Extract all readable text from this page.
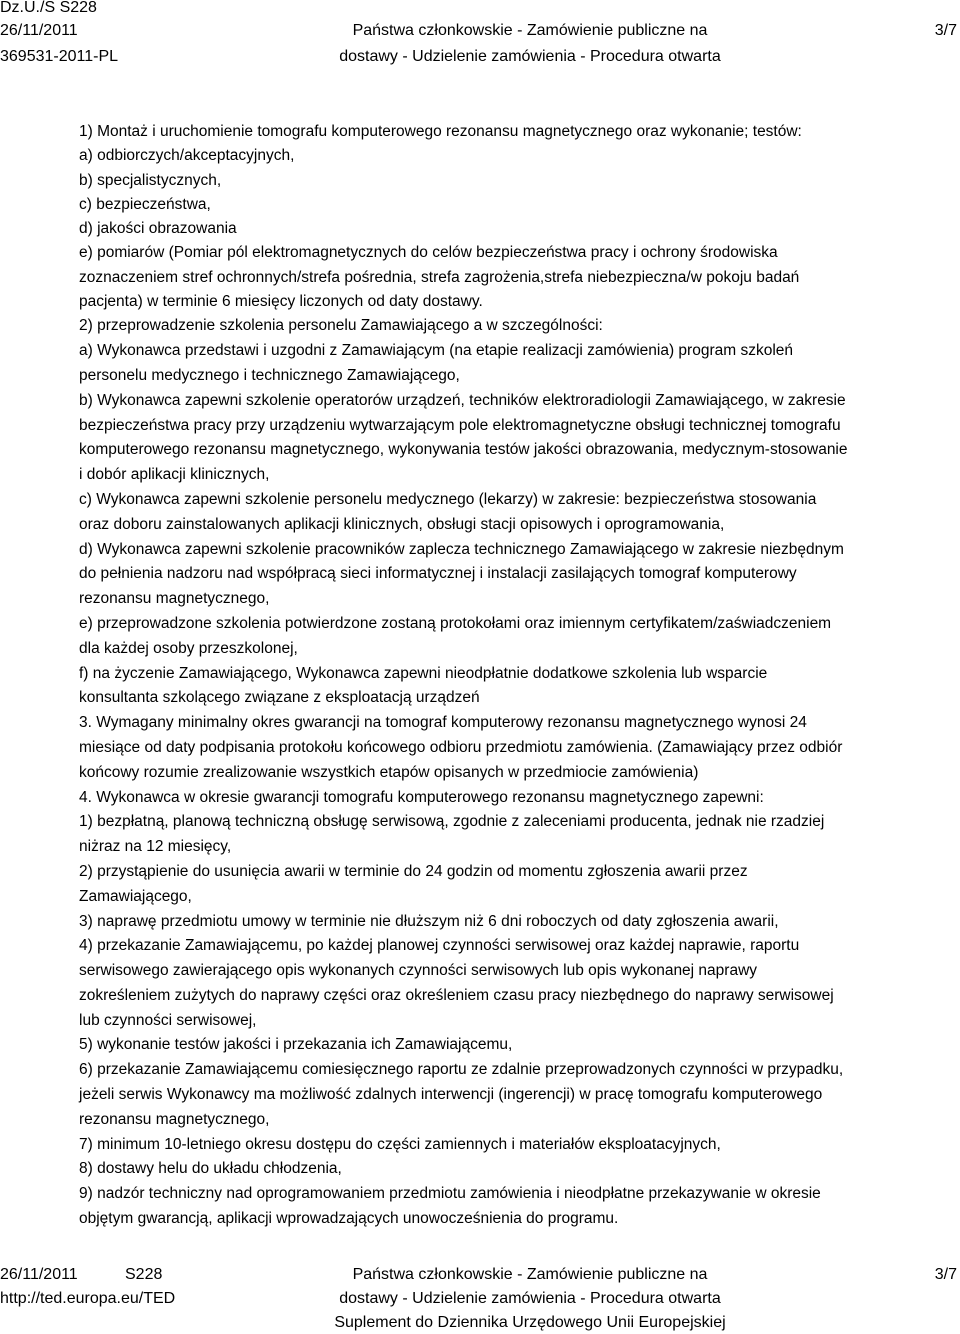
Dz.U./S S228
26/11/2011
369531-2011-PL
Państwa członkowskie - Zamówienie publiczne na
dostawy - Udzielenie zamówienia - Procedura otwarta
3/7
1) Montaż i uruchomienie tomografu komputerowego rezonansu magnetycznego oraz wykonanie; testów:
a) odbiorczych/akceptacyjnych,
b) specjalistycznych,
c) bezpieczeństwa,
d) jakości obrazowania
e) pomiarów (Pomiar pól elektromagnetycznych do celów bezpieczeństwa pracy i ochrony środowiska
zoznaczeniem stref ochronnych/strefa pośrednia, strefa zagrożenia,strefa niebezpieczna/w pokoju badań
pacjenta) w terminie 6 miesięcy liczonych od daty dostawy.
2) przeprowadzenie szkolenia personelu Zamawiającego a w szczególności:
a) Wykonawca przedstawi i uzgodni z Zamawiającym (na etapie realizacji zamówienia) program szkoleń
personelu medycznego i technicznego Zamawiającego,
b) Wykonawca zapewni szkolenie operatorów urządzeń, techników elektroradiologii Zamawiającego, w zakresie
bezpieczeństwa pracy przy urządzeniu wytwarzającym pole elektromagnetyczne obsługi technicznej tomografu
komputerowego rezonansu magnetycznego, wykonywania testów jakości obrazowania, medycznym-stosowanie
i dobór aplikacji klinicznych,
c) Wykonawca zapewni szkolenie personelu medycznego (lekarzy) w zakresie: bezpieczeństwa stosowania
oraz doboru zainstalowanych aplikacji klinicznych, obsługi stacji opisowych i oprogramowania,
d) Wykonawca zapewni szkolenie pracowników zaplecza technicznego Zamawiającego w zakresie niezbędnym
do pełnienia nadzoru nad współpracą sieci informatycznej i instalacji zasilających tomograf komputerowy
rezonansu magnetycznego,
e) przeprowadzone szkolenia potwierdzone zostaną protokołami oraz imiennym certyfikatem/zaświadczeniem
dla każdej osoby przeszkolonej,
f) na życzenie Zamawiającego, Wykonawca zapewni nieodpłatnie dodatkowe szkolenia lub wsparcie
konsultanta szkolącego związane z eksploatacją urządzeń
3. Wymagany minimalny okres gwarancji na tomograf komputerowy rezonansu magnetycznego wynosi 24
miesiące od daty podpisania protokołu końcowego odbioru przedmiotu zamówienia. (Zamawiający przez odbiór
końcowy rozumie zrealizowanie wszystkich etapów opisanych w przedmiocie zamówienia)
4. Wykonawca w okresie gwarancji tomografu komputerowego rezonansu magnetycznego zapewni:
1) bezpłatną, planową techniczną obsługę serwisową, zgodnie z zaleceniami producenta, jednak nie rzadziej
niżraz na 12 miesięcy,
2) przystąpienie do usunięcia awarii w terminie do 24 godzin od momentu zgłoszenia awarii przez
Zamawiającego,
3) naprawę przedmiotu umowy w terminie nie dłuższym niż 6 dni roboczych od daty zgłoszenia awarii,
4) przekazanie Zamawiającemu, po każdej planowej czynności serwisowej oraz każdej naprawie, raportu
serwisowego zawierającego opis wykonanych czynności serwisowych lub opis wykonanej naprawy
zokreśleniem zużytych do naprawy części oraz określeniem czasu pracy niezbędnego do naprawy serwisowej
lub czynności serwisowej,
5) wykonanie testów jakości i przekazania ich Zamawiającemu,
6) przekazanie Zamawiającemu comiesięcznego raportu ze zdalnie przeprowadzonych czynności w przypadku,
jeżeli serwis Wykonawcy ma możliwość zdalnych interwencji (ingerencji) w pracę tomografu komputerowego
rezonansu magnetycznego,
7) minimum 10-letniego okresu dostępu do części zamiennych i materiałów eksploatacyjnych,
8) dostawy helu do układu chłodzenia,
9) nadzór techniczny nad oprogramowaniem przedmiotu zamówienia i nieodpłatne przekazywanie w okresie
objętym gwarancją, aplikacji wprowadzających unowocześnienia do programu.
26/11/2011	S228
http://ted.europa.eu/TED
Państwa członkowskie - Zamówienie publiczne na
dostawy - Udzielenie zamówienia - Procedura otwarta
Suplement do Dziennika Urzędowego Unii Europejskiej
3/7
